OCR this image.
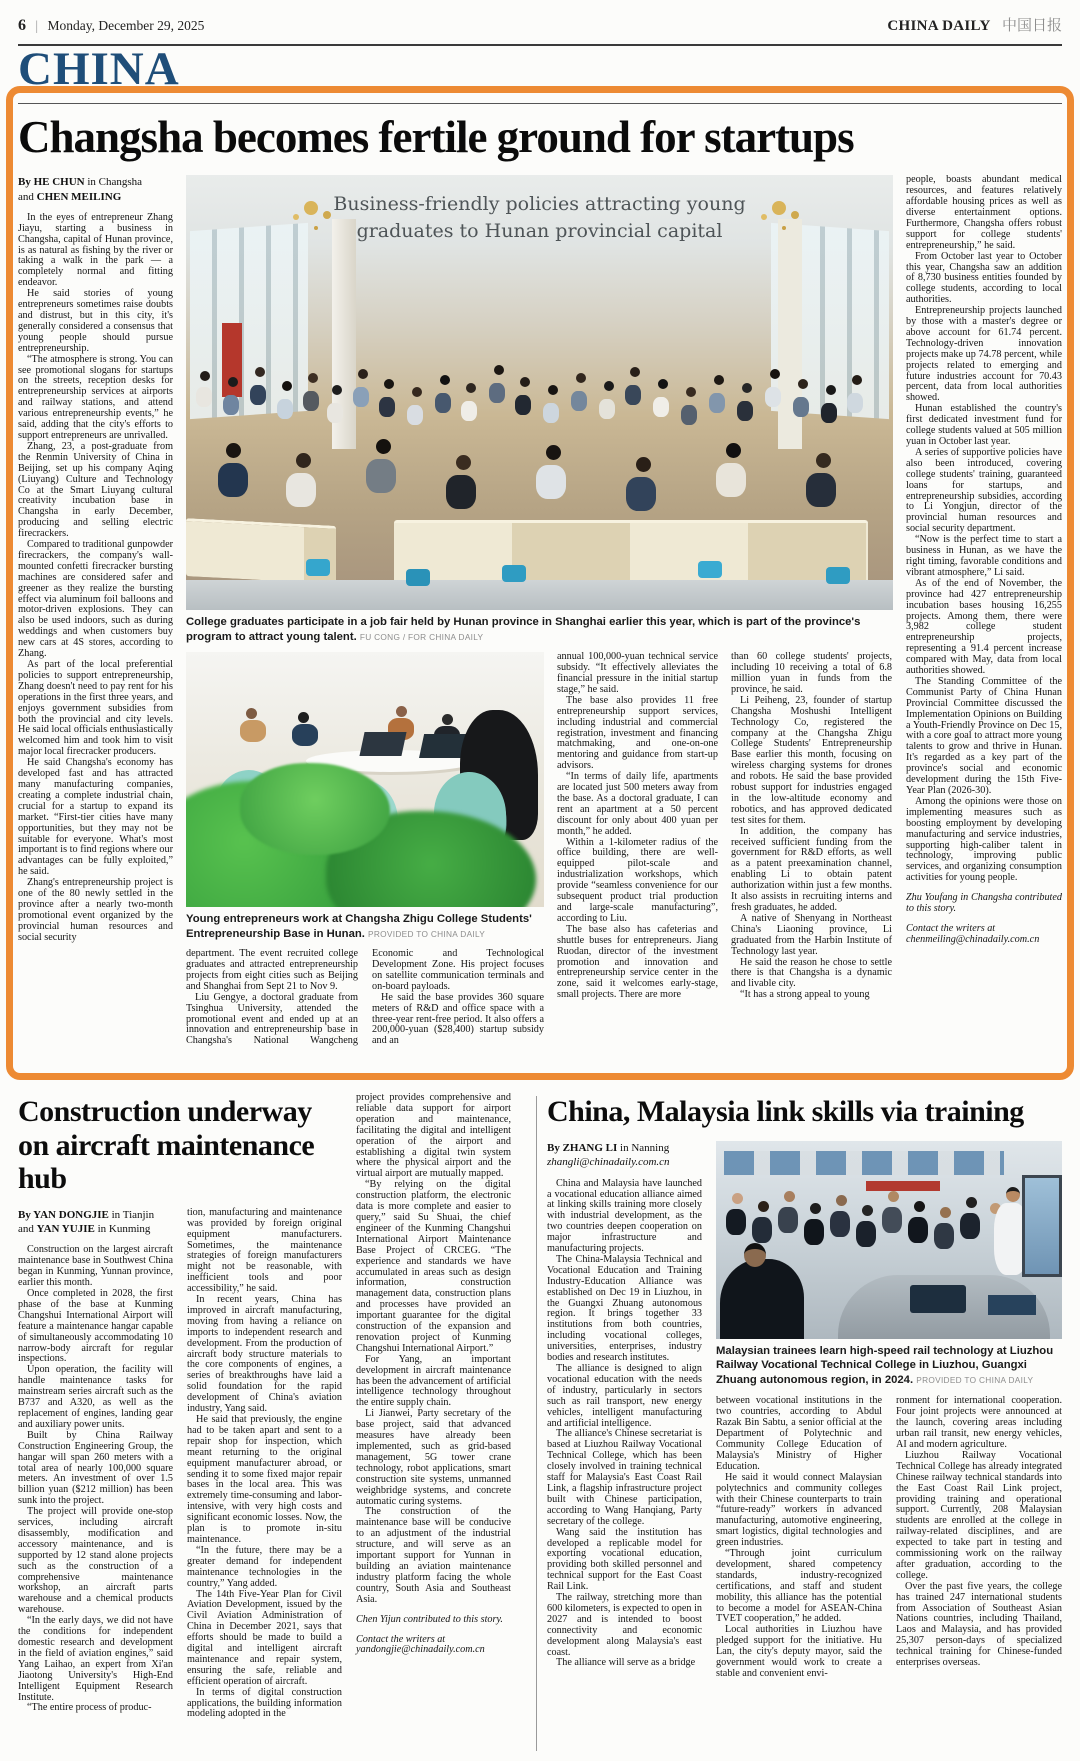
6 | Monday, December 29, 2025	CHINA DAILY 中国日报
CHINA
Changsha becomes fertile ground for startups
By HE CHUN in Changsha
and CHEN MEILING

In the eyes of entrepreneur Zhang Jiayu, starting a business in Changsha, capital of Hunan province, is as natural as fishing by the river or taking a walk in the park — a completely normal and fitting endeavor.

He said stories of young entrepreneurs sometimes raise doubts and distrust, but in this city, it's generally considered a consensus that young people should pursue entrepreneurship.

“The atmosphere is strong. You can see promotional slogans for startups on the streets, reception desks for entrepreneurship services at airports and railway stations, and attend various entrepreneurship events,” he said, adding that the city's efforts to support entrepreneurs are unrivalled.

Zhang, 23, a post-graduate from the Renmin University of China in Beijing, set up his company Aqing (Liuyang) Culture and Technology Co at the Smart Liuyang cultural creativity incubation base in Changsha in early December, producing and selling electric firecrackers.

Compared to traditional gunpowder firecrackers, the company's wall-mounted confetti firecracker bursting machines are considered safer and greener as they realize the bursting effect via aluminum foil balloons and motor-driven explosions. They can also be used indoors, such as during weddings and when customers buy new cars at 4S stores, according to Zhang.

As part of the local preferential policies to support entrepreneurship, Zhang doesn't need to pay rent for his operations in the first three years, and enjoys government subsidies from both the provincial and city levels. He said local officials enthusiastically welcomed him and took him to visit major local firecracker producers.

He said Changsha's economy has developed fast and has attracted many manufacturing companies, creating a complete industrial chain, crucial for a startup to expand its market. “First-tier cities have many opportunities, but they may not be suitable for everyone. What's most important is to find regions where our advantages can be fully exploited,” he said.

Zhang's entrepreneurship project is one of the 80 newly settled in the province after a nearly two-month promotional event organized by the provincial human resources and social security

Business-friendly policies attracting young
graduates to Hunan provincial capital
College graduates participate in a job fair held by Hunan province in Shanghai earlier this year, which is part of the province's program to attract young talent. FU CONG / FOR CHINA DAILY
Young entrepreneurs work at Changsha Zhigu College Students' Entrepreneurship Base in Hunan. PROVIDED TO CHINA DAILY

department. The event recruited college graduates and attracted entrepreneurship projects from eight cities such as Beijing and Shanghai from Sept 21 to Nov 9.

Liu Gengye, a doctoral graduate from Tsinghua University, attended the promotional event and ended up at an innovation and entrepreneurship base in Changsha's National Wangcheng Economic and Technological Development Zone. His project focuses on satellite communication terminals and on-board payloads.

He said the base provides 360 square meters of R&D and office space with a three-year rent-free period. It also offers a 200,000-yuan ($28,400) startup subsidy and an

annual 100,000-yuan technical service subsidy. “It effectively alleviates the financial pressure in the initial startup stage,” he said.

The base also provides 11 free entrepreneurship support services, including industrial and commercial registration, investment and financing matchmaking, and one-on-one mentoring and guidance from start-up advisors.

“In terms of daily life, apartments are located just 500 meters away from the base. As a doctoral graduate, I can rent an apartment at a 50 percent discount for only about 400 yuan per month,” he added.

Within a 1-kilometer radius of the office building, there are well-equipped pilot-scale and industrialization workshops, which provide “seamless convenience for our subsequent product trial production and large-scale manufacturing”, according to Liu.

The base also has cafeterias and shuttle buses for entrepreneurs. Jiang Ruodan, director of the investment promotion and innovation and entrepreneurship service center in the zone, said it welcomes early-stage, small projects. There are more

than 60 college students' projects, including 10 receiving a total of 6.8 million yuan in funds from the province, he said.

Li Peiheng, 23, founder of startup Changsha Moshushi Intelligent Technology Co, registered the company at the Changsha Zhigu College Students' Entrepreneurship Base earlier this month, focusing on wireless charging systems for drones and robots. He said the base provided robust support for industries engaged in the low-altitude economy and robotics, and has approved dedicated test sites for them.

In addition, the company has received sufficient funding from the government for R&D efforts, as well as a patent preexamination channel, enabling Li to obtain patent authorization within just a few months. It also assists in recruiting interns and fresh graduates, he added.

A native of Shenyang in Northeast China's Liaoning province, Li graduated from the Harbin Institute of Technology last year.

He said the reason he chose to settle there is that Changsha is a dynamic and livable city.

“It has a strong appeal to young

people, boasts abundant medical resources, and features relatively affordable housing prices as well as diverse entertainment options. Furthermore, Changsha offers robust support for college students' entrepreneurship,” he said.

From October last year to October this year, Changsha saw an addition of 8,730 business entities founded by college students, according to local authorities.

Entrepreneurship projects launched by those with a master's degree or above account for 61.74 percent. Technology-driven innovation projects make up 74.78 percent, while projects related to emerging and future industries account for 70.43 percent, data from local authorities showed.

Hunan established the country's first dedicated investment fund for college students valued at 505 million yuan in October last year.

A series of supportive policies have also been introduced, covering college students' training, guaranteed loans for startups, and entrepreneurship subsidies, according to Li Yongjun, director of the provincial human resources and social security department.

“Now is the perfect time to start a business in Hunan, as we have the right timing, favorable conditions and vibrant atmosphere,” Li said.

As of the end of November, the province had 427 entrepreneurship incubation bases housing 16,255 projects. Among them, there were 3,982 college student entrepreneurship projects, representing a 91.4 percent increase compared with May, data from local authorities showed.

The Standing Committee of the Communist Party of China Hunan Provincial Committee discussed the Implementation Opinions on Building a Youth-Friendly Province on Dec 15, with a core goal to attract more young talents to grow and thrive in Hunan. It's regarded as a key part of the province's social and economic development during the 15th Five-Year Plan (2026-30).

Among the opinions were those on implementing measures such as boosting employment by developing manufacturing and service industries, supporting high-caliber talent in technology, improving public services, and organizing consumption activities for young people.

Zhu Youfang in Changsha contributed to this story.
Contact the writers at
chenmeiling@chinadaily.com.cn
Construction underway on aircraft maintenance hub
By YAN DONGJIE in Tianjin
and YAN YUJIE in Kunming

Construction on the largest aircraft maintenance base in Southwest China began in Kunming, Yunnan province, earlier this month.

Once completed in 2028, the first phase of the base at Kunming Changshui International Airport will feature a maintenance hangar capable of simultaneously accommodating 10 narrow-body aircraft for regular inspections.

Upon operation, the facility will handle maintenance tasks for mainstream series aircraft such as the B737 and A320, as well as the replacement of engines, landing gear and auxiliary power units.

Built by China Railway Construction Engineering Group, the hangar will span 260 meters with a total area of nearly 100,000 square meters. An investment of over 1.5 billion yuan ($212 million) has been sunk into the project.

The project will provide one-stop services, including aircraft disassembly, modification and accessory maintenance, and is supported by 12 stand alone projects such as the construction of a comprehensive maintenance workshop, an aircraft parts warehouse and a chemical products warehouse.

“In the early days, we did not have the conditions for independent domestic research and development in the field of aviation engines,” said Yang Laihao, an expert from Xi'an Jiaotong University's High-End Intelligent Equipment Research Institute.

“The entire process of produc-

tion, manufacturing and maintenance was provided by foreign original equipment manufacturers. Sometimes, the maintenance strategies of foreign manufacturers might not be reasonable, with inefficient tools and poor accessibility,” he said.

In recent years, China has improved in aircraft manufacturing, moving from having a reliance on imports to independent research and development. From the production of aircraft body structure materials to the core components of engines, a series of breakthroughs have laid a solid foundation for the rapid development of China's aviation industry, Yang said.

He said that previously, the engine had to be taken apart and sent to a repair shop for inspection, which meant returning to the original equipment manufacturer abroad, or sending it to some fixed major repair bases in the local area. This was extremely time-consuming and labor-intensive, with very high costs and significant economic losses. Now, the plan is to promote in-situ maintenance.

“In the future, there may be a greater demand for independent maintenance technologies in the country,” Yang added.

The 14th Five-Year Plan for Civil Aviation Development, issued by the Civil Aviation Administration of China in December 2021, says that efforts should be made to build a digital and intelligent aircraft maintenance and repair system, ensuring the safe, reliable and efficient operation of aircraft.

In terms of digital construction applications, the building information modeling adopted in the

project provides comprehensive and reliable data support for airport operation and maintenance, facilitating the digital and intelligent operation of the airport and establishing a digital twin system where the physical airport and the virtual airport are mutually mapped.

“By relying on the digital construction platform, the electronic data is more complete and easier to query,” said Su Shuai, the chief engineer of the Kunming Changshui International Airport Maintenance Base Project of CRCEG. “The experience and standards we have accumulated in areas such as design information, construction management data, construction plans and processes have provided an important guarantee for the digital construction of the expansion and renovation project of Kunming Changshui International Airport.”

For Yang, an important development in aircraft maintenance has been the advancement of artificial intelligence technology throughout the entire supply chain.

Li Jianwei, Party secretary of the base project, said that advanced measures have already been implemented, such as grid-based management, 5G tower crane technology, robot applications, smart construction site systems, unmanned weighbridge systems, and concrete automatic curing systems.

The construction of the maintenance base will be conducive to an adjustment of the industrial structure, and will serve as an important support for Yunnan in building an aviation maintenance industry platform facing the whole country, South Asia and Southeast Asia.

Chen Yijun contributed to this story.
Contact the writers at
yandongjie@chinadaily.com.cn
China, Malaysia link skills via training
By ZHANG LI in Nanning
zhangli@chinadaily.com.cn

China and Malaysia have launched a vocational education alliance aimed at linking skills training more closely with industrial development, as the two countries deepen cooperation on major infrastructure and manufacturing projects.

The China-Malaysia Technical and Vocational Education and Training Industry-Education Alliance was established on Dec 19 in Liuzhou, in the Guangxi Zhuang autonomous region. It brings together 33 institutions from both countries, including vocational colleges, universities, enterprises, industry bodies and research institutes.

The alliance is designed to align vocational education with the needs of industry, particularly in sectors such as rail transport, new energy vehicles, intelligent manufacturing and artificial intelligence.

The alliance's Chinese secretariat is based at Liuzhou Railway Vocational Technical College, which has been closely involved in training technical staff for Malaysia's East Coast Rail Link, a flagship infrastructure project built with Chinese participation, according to Wang Hanqiang, Party secretary of the college.

Wang said the institution has developed a replicable model for exporting vocational education, providing both skilled personnel and technical support for the East Coast Rail Link.

The railway, stretching more than 600 kilometers, is expected to open in 2027 and is intended to boost connectivity and economic development along Malaysia's east coast.

The alliance will serve as a bridge

Malaysian trainees learn high-speed rail technology at Liuzhou Railway Vocational Technical College in Liuzhou, Guangxi Zhuang autonomous region, in 2024. PROVIDED TO CHINA DAILY

between vocational institutions in the two countries, according to Abdul Razak Bin Sabtu, a senior official at the Department of Polytechnic and Community College Education of Malaysia's Ministry of Higher Education.

He said it would connect Malaysian polytechnics and community colleges with their Chinese counterparts to train “future-ready” workers in advanced manufacturing, automotive engineering, smart logistics, digital technologies and green industries.

“Through joint curriculum development, shared competency standards, industry-recognized certifications, and staff and student mobility, this alliance has the potential to become a model for ASEAN-China TVET cooperation,” he added.

Local authorities in Liuzhou have pledged support for the initiative. Hu Lan, the city's deputy mayor, said the government would work to create a stable and convenient envi-

ronment for international cooperation. Four joint projects were announced at the launch, covering areas including urban rail transit, new energy vehicles, AI and modern agriculture.

Liuzhou Railway Vocational Technical College has already integrated Chinese railway technical standards into the East Coast Rail Link project, providing training and operational support. Currently, 208 Malaysian students are enrolled at the college in railway-related disciplines, and are expected to take part in testing and commissioning work on the railway after graduation, according to the college.

Over the past five years, the college has trained 247 international students from Association of Southeast Asian Nations countries, including Thailand, Laos and Malaysia, and has provided 25,307 person-days of specialized technical training for Chinese-funded enterprises overseas.
